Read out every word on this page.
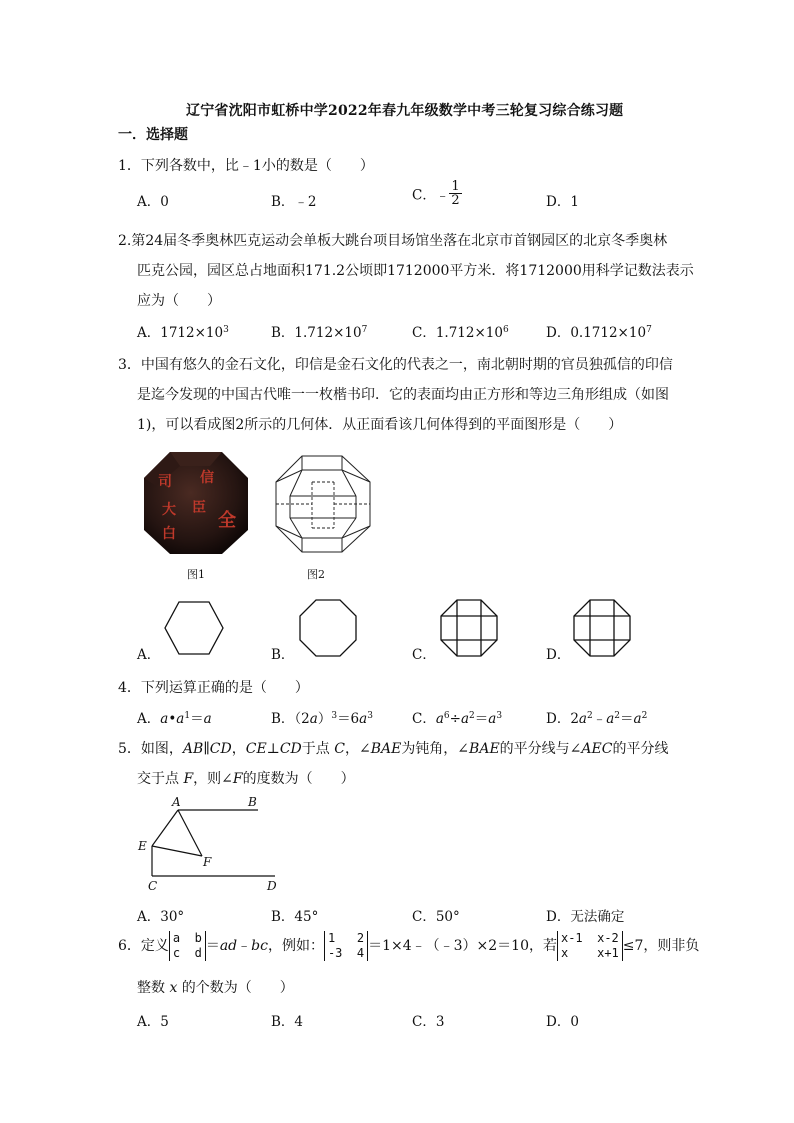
辽宁省沈阳市虹桥中学2022年春九年级数学中考三轮复习综合练习题
一．选择题
1．下列各数中，比﹣1小的数是（　　）
A．0	B．﹣2	C．﹣ $\frac{1}{2}$	D．1
2.第24届冬季奥林匹克运动会单板大跳台项目场馆坐落在北京市首钢园区的北京冬季奥林
匹克公园，园区总占地面积171.2公顷即1712000平方米．将1712000用科学记数法表示
应为（　　）
A．$1712\times 10^3$	B．$1.712\times 10^7$	C．$1.712\times 10^6$	D．$0.1712\times 10^7$
3．中国有悠久的金石文化，印信是金石文化的代表之一，南北朝时期的官员独孤信的印信
是迄今发现的中国古代唯一一枚楷书印．它的表面均由正方形和等边三角形组成（如图
1)，可以看成图2所示的几何体．从正面看该几何体得到的平面图形是（　　）
司 信
大 臣
白
全
图1	图2
A．	B．	C．	D．
4．下列运算正确的是（　　）
A．$a•a^1=a$	B．$(2a)^3=6a^3$	C．$a^6\div a^2=a^3$	D．$2a^2﹣a^2=a^2$
5．如图，AB∥CD，CE⊥CD于点 C，∠BAE为钝角，∠BAE的平分线与∠AEC的平分线
交于点 F，则∠F的度数为（　　）
A	B
E
F
C	D
A．30°	B．45°	C．50°	D．无法确定
6．定义 a  b
c  d ＝ad﹣bc，例如： 1   2
-3  4 ＝1×4﹣（﹣3）×2＝10，若 x-1  x-2
x    x+1 ≤7，则非负
整数 x 的个数为（　　）
A．5	B．4	C．3	D．0
